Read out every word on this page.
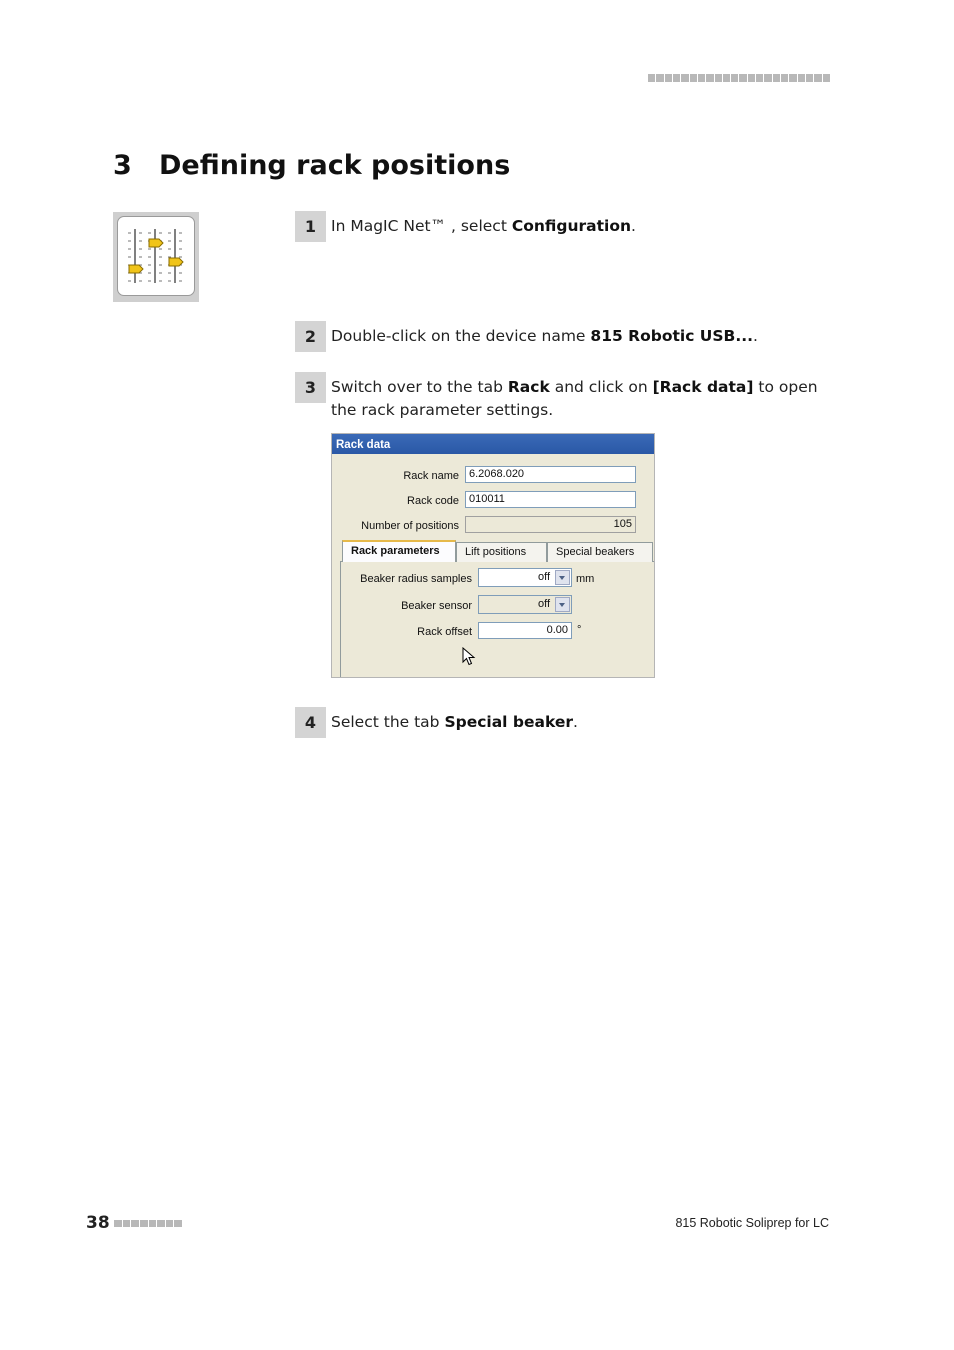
3 Defining rack positions
1 In MagIC Net™ , select Configuration.
2 Double-click on the device name 815 Robotic USB....
3 Switch over to the tab Rack and click on [Rack data] to open the rack parameter settings.
Rack data
Rack name 6.2068.020
Rack code 010011
Number of positions	105
Rack parameters	Lift positions	Special beakers
Beaker radius samples	off mm
Beaker sensor	off
Rack offset	0.00 °
4 Select the tab Special beaker.
38	815 Robotic Soliprep for LC
